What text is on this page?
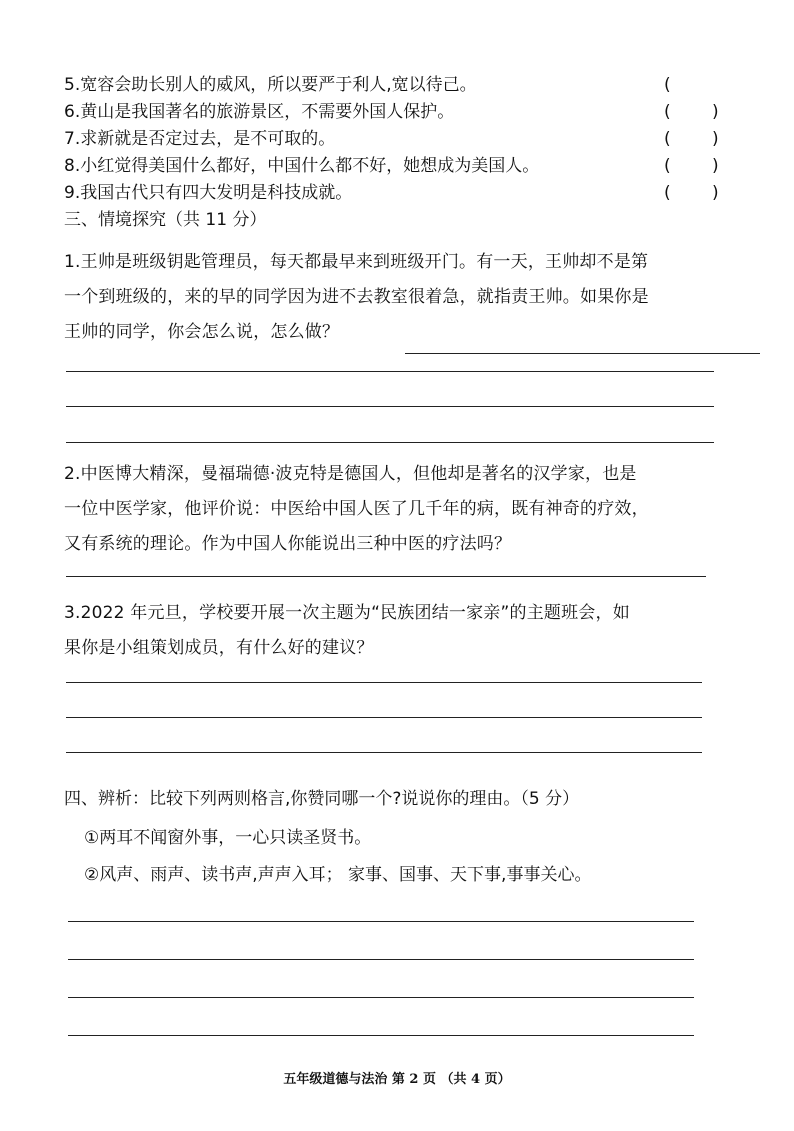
5.宽容会助长别人的威风，所以要严于利人,宽以待己。	(
6.黄山是我国著名的旅游景区，不需要外国人保护。	( )
7.求新就是否定过去，是不可取的。	( )
8.小红觉得美国什么都好，中国什么都不好，她想成为美国人。	( )
9.我国古代只有四大发明是科技成就。	( )
三、情境探究（共 11 分）

1.王帅是班级钥匙管理员，每天都最早来到班级开门。有一天，王帅却不是第

一个到班级的，来的早的同学因为进不去教室很着急，就指责王帅。如果你是

王帅的同学，你会怎么说，怎么做？

2.中医博大精深，曼福瑞德·波克特是德国人，但他却是著名的汉学家，也是

一位中医学家，他评价说：中医给中国人医了几千年的病，既有神奇的疗效，

又有系统的理论。作为中国人你能说出三种中医的疗法吗？

3.2022 年元旦，学校要开展一次主题为“民族团结一家亲”的主题班会，如

果你是小组策划成员，有什么好的建议？

四、辨析：比较下列两则格言,你赞同哪一个?说说你的理由。（5 分）
①两耳不闻窗外事，一心只读圣贤书。
②风声、雨声、读书声,声声入耳； 家事、国事、天下事,事事关心。
五年级道德与法治 第 2 页 （共 4 页）
